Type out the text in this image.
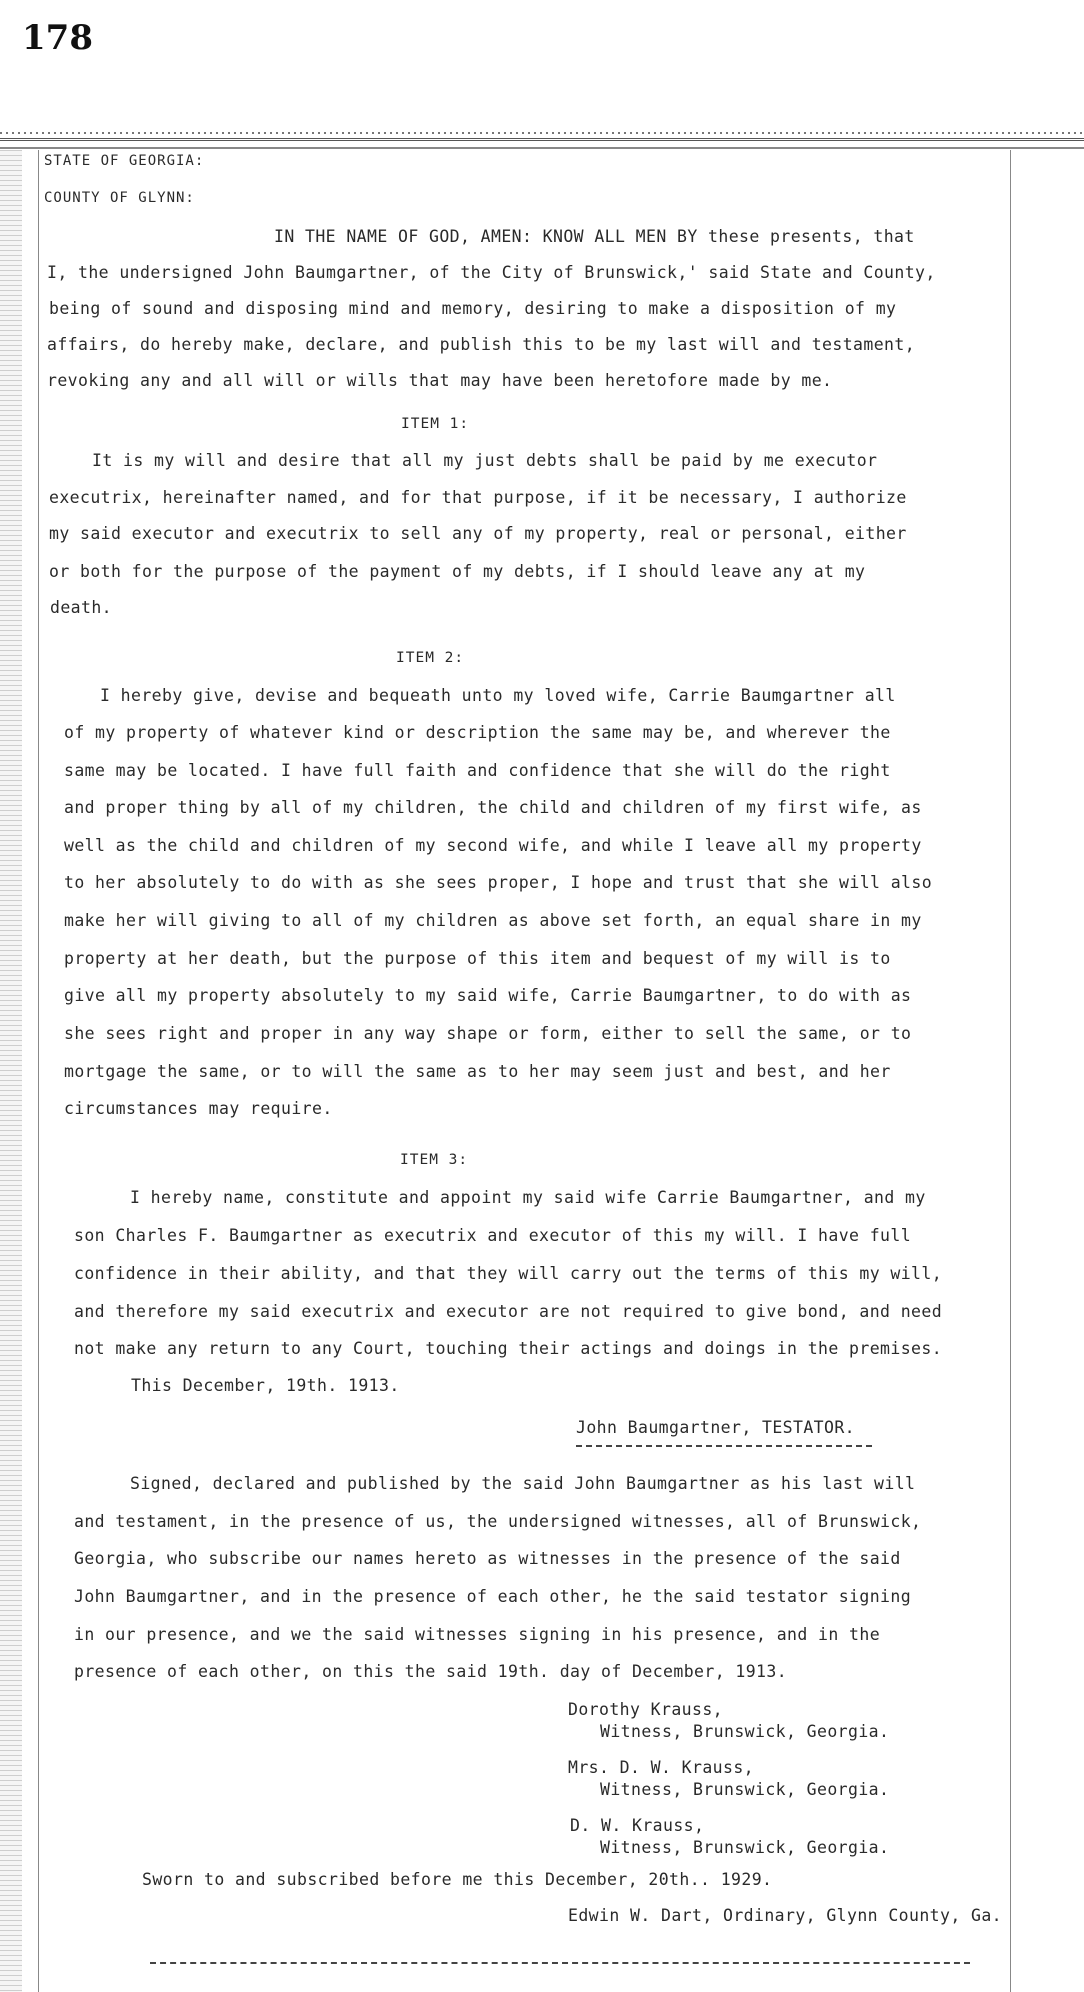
178
STATE OF GEORGIA:
COUNTY OF GLYNN:
IN THE NAME OF GOD, AMEN: KNOW ALL MEN BY these presents, that
I, the undersigned John Baumgartner, of the City of Brunswick,' said State and County,
being of sound and disposing mind and memory, desiring to make a disposition of my
affairs, do hereby make, declare, and publish this to be my last will and testament,
revoking any and all will or wills that may have been heretofore made by me.
ITEM 1:
It is my will and desire that all my just debts shall be paid by me executor
executrix, hereinafter named, and for that purpose, if it be necessary, I authorize
my said executor and executrix to sell any of my property, real or personal, either
or both for the purpose of the payment of my debts, if I should leave any at my
death.
ITEM 2:
I hereby give, devise and bequeath unto my loved wife, Carrie Baumgartner all
of my property of whatever kind or description the same may be, and wherever the
same may be located. I have full faith and confidence that she will do the right
and proper thing by all of my children, the child and children of my first wife, as
well as the child and children of my second wife, and while I leave all my property
to her absolutely to do with as she sees proper, I hope and trust that she will also
make her will giving to all of my children as above set forth, an equal share in my
property at her death, but the purpose of this item and bequest of my will is to
give all my property absolutely to my said wife, Carrie Baumgartner, to do with as
she sees right and proper in any way shape or form, either to sell the same, or to
mortgage the same, or to will the same as to her may seem just and best, and her
circumstances may require.
ITEM 3:
I hereby name, constitute and appoint my said wife Carrie Baumgartner, and my
son Charles F. Baumgartner as executrix and executor of this my will. I have full
confidence in their ability, and that they will carry out the terms of this my will,
and therefore my said executrix and executor are not required to give bond, and need
not make any return to any Court, touching their actings and doings in the premises.
This December, 19th. 1913.
John Baumgartner, TESTATOR.
Signed, declared and published by the said John Baumgartner as his last will
and testament, in the presence of us, the undersigned witnesses, all of Brunswick,
Georgia, who subscribe our names hereto as witnesses in the presence of the said
John Baumgartner, and in the presence of each other, he the said testator signing
in our presence, and we the said witnesses signing in his presence, and in the
presence of each other, on this the said 19th. day of December, 1913.
Dorothy Krauss,
Witness, Brunswick, Georgia.
Mrs. D. W. Krauss,
Witness, Brunswick, Georgia.
D. W. Krauss,
Witness, Brunswick, Georgia.
Sworn to and subscribed before me this December, 20th.. 1929.
Edwin W. Dart, Ordinary, Glynn County, Ga.
